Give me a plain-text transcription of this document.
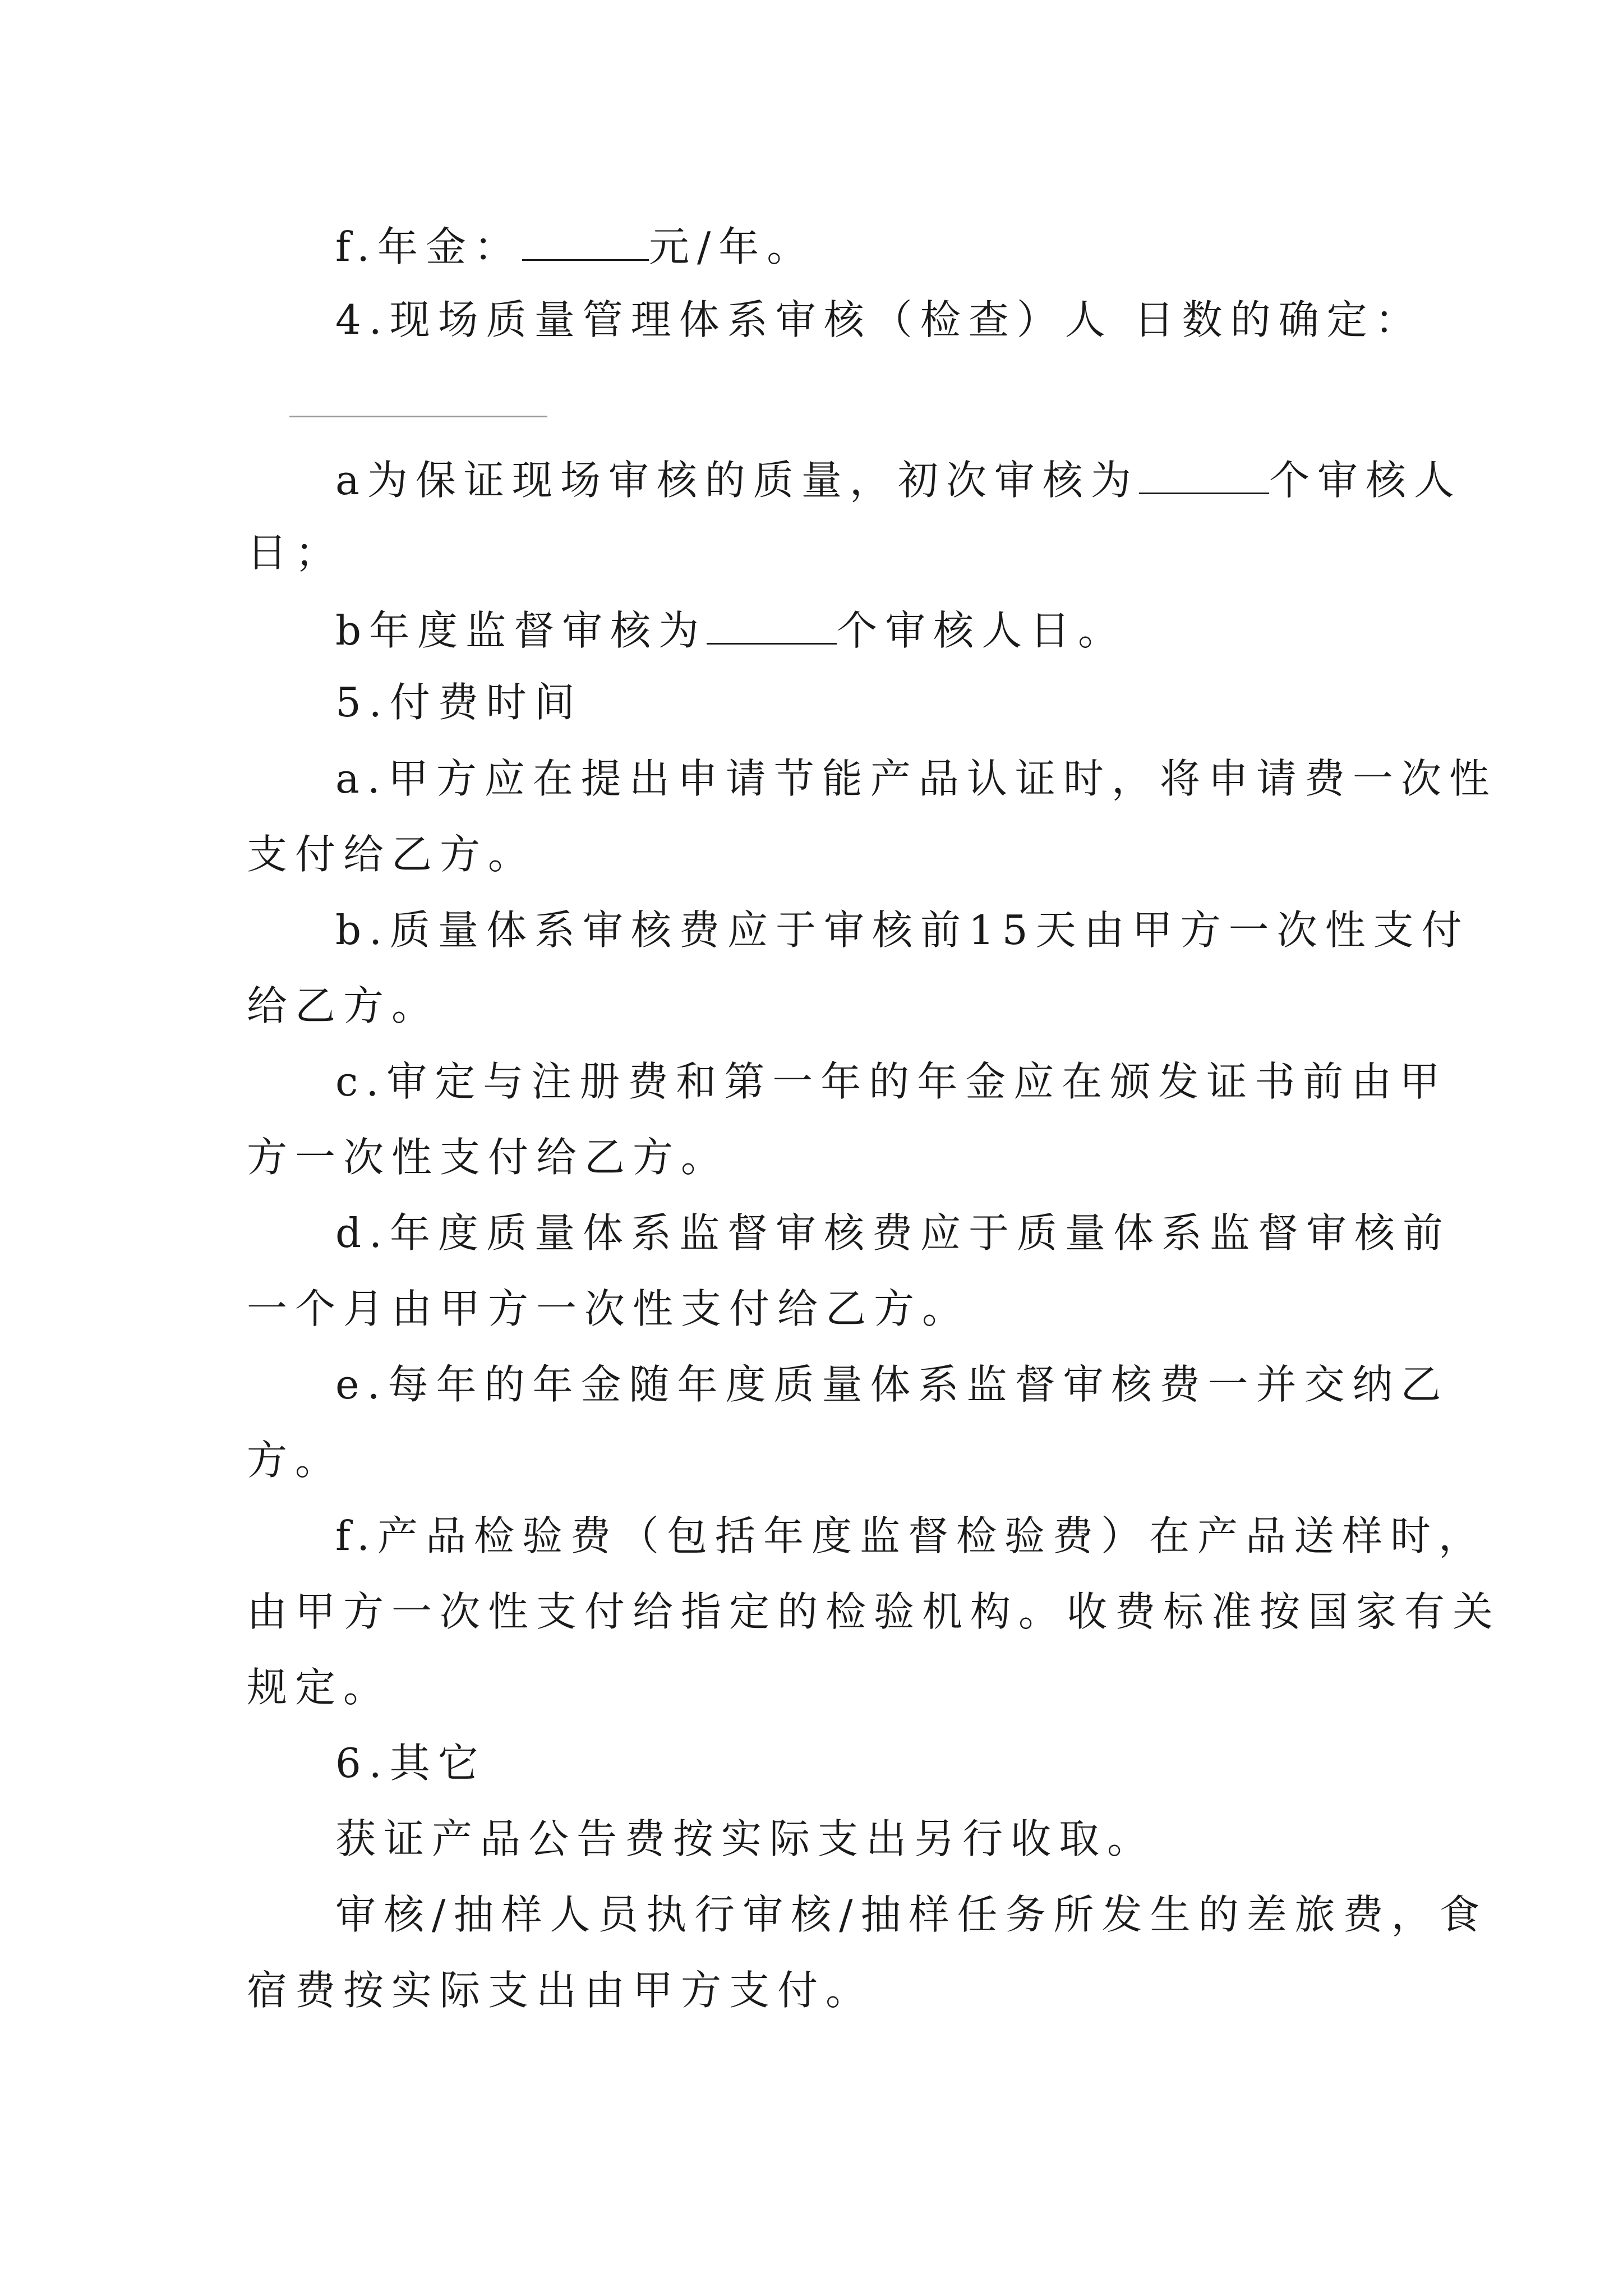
f.年金：	元/年。
4.现场质量管理体系审核（检查）人 日数的确定：
a为保证现场审核的质量，初次审核为	个审核人
日；
b年度监督审核为	个审核人日。
5.付费时间
a.甲方应在提出申请节能产品认证时，将申请费一次性
支付给乙方。
b.质量体系审核费应于审核前15天由甲方一次性支付
给乙方。
c.审定与注册费和第一年的年金应在颁发证书前由甲
方一次性支付给乙方。
d.年度质量体系监督审核费应于质量体系监督审核前
一个月由甲方一次性支付给乙方。
e.每年的年金随年度质量体系监督审核费一并交纳乙
方。
f.产品检验费（包括年度监督检验费）在产品送样时，
由甲方一次性支付给指定的检验机构。收费标准按国家有关
规定。
6.其它
获证产品公告费按实际支出另行收取。
审核/抽样人员执行审核/抽样任务所发生的差旅费，食
宿费按实际支出由甲方支付。
